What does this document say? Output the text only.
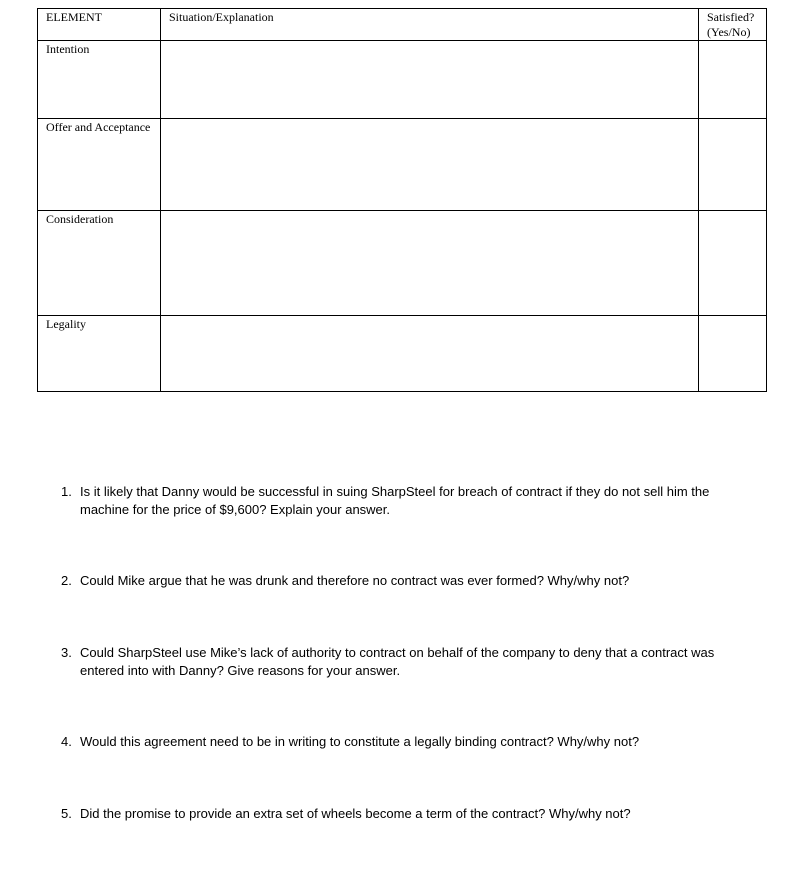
ELEMENT	Situation/Explanation	Satisfied? (Yes/No)
Intention		
Offer and Acceptance		
Consideration		
Legality		
1. Is it likely that Danny would be successful in suing SharpSteel for breach of contract if they do not sell him the machine for the price of $9,600? Explain your answer.
2. Could Mike argue that he was drunk and therefore no contract was ever formed? Why/why not?
3. Could SharpSteel use Mike’s lack of authority to contract on behalf of the company to deny that a contract was entered into with Danny? Give reasons for your answer.
4. Would this agreement need to be in writing to constitute a legally binding contract? Why/why not?
5. Did the promise to provide an extra set of wheels become a term of the contract? Why/why not?
